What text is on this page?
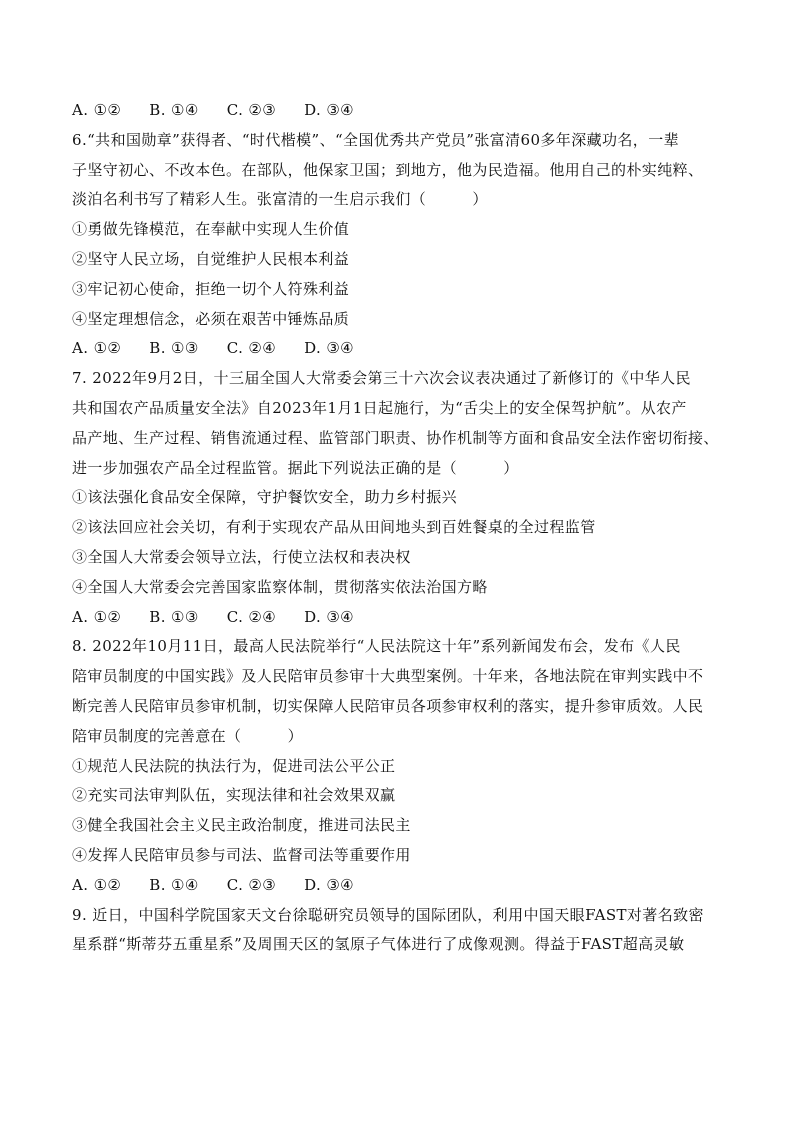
A. ①② B. ①④ C. ②③ D. ③④
6.“共和国勋章”获得者、“时代楷模”、“全国优秀共产党员”张富清60多年深藏功名，一辈
子坚守初心、不改本色。在部队，他保家卫国；到地方，他为民造福。他用自己的朴实纯粹、
淡泊名利书写了精彩人生。张富清的一生启示我们（　　　）
①勇做先锋模范，在奉献中实现人生价值
②坚守人民立场，自觉维护人民根本利益
③牢记初心使命，拒绝一切个人符殊利益
④坚定理想信念，必须在艰苦中锤炼品质
A. ①② B. ①③ C. ②④ D. ③④
7. 2022年9月2日，十三届全国人大常委会第三十六次会议表决通过了新修订的《中华人民
共和国农产品质量安全法》自2023年1月1日起施行，为“舌尖上的安全保驾护航”。从农产
品产地、生产过程、销售流通过程、监管部门职责、协作机制等方面和食品安全法作密切衔接、
进一步加强农产品全过程监管。据此下列说法正确的是（　　　）
①该法强化食品安全保障，守护餐饮安全，助力乡村振兴
②该法回应社会关切，有利于实现农产品从田间地头到百姓餐桌的全过程监管
③全国人大常委会领导立法，行使立法权和表决权
④全国人大常委会完善国家监察体制，贯彻落实依法治国方略
A. ①② B. ①③ C. ②④ D. ③④
8. 2022年10月11日，最高人民法院举行“人民法院这十年”系列新闻发布会，发布《人民
陪审员制度的中国实践》及人民陪审员参审十大典型案例。十年来，各地法院在审判实践中不
断完善人民陪审员参审机制，切实保障人民陪审员各项参审权利的落实，提升参审质效。人民
陪审员制度的完善意在（　　　）
①规范人民法院的执法行为，促进司法公平公正
②充实司法审判队伍，实现法律和社会效果双赢
③健全我国社会主义民主政治制度，推进司法民主
④发挥人民陪审员参与司法、监督司法等重要作用
A. ①② B. ①④ C. ②③ D. ③④
9. 近日，中国科学院国家天文台徐聪研究员领导的国际团队，利用中国天眼FAST对著名致密
星系群“斯蒂芬五重星系”及周围天区的氢原子气体进行了成像观测。得益于FAST超高灵敏
